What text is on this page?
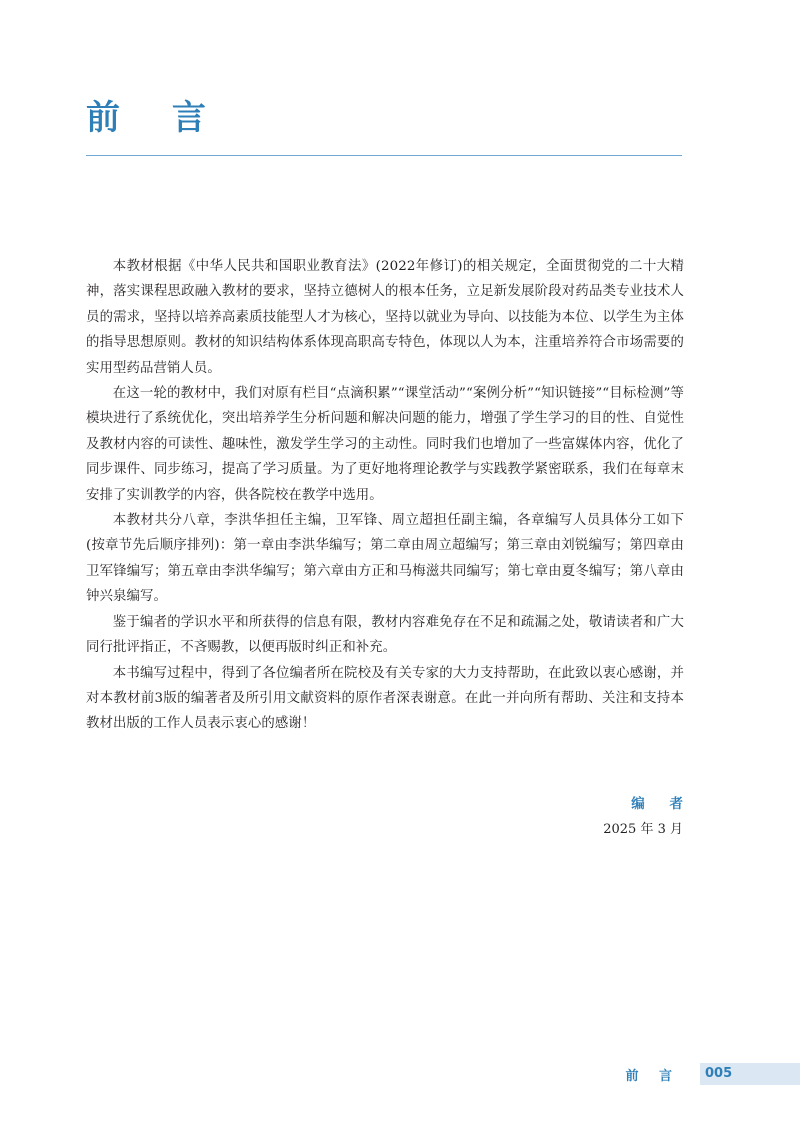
前 言

本教材根据《中华人民共和国职业教育法》(2022年修订)的相关规定，全面贯彻党的二十大精神，落实课程思政融入教材的要求，坚持立德树人的根本任务，立足新发展阶段对药品类专业技术人员的需求，坚持以培养高素质技能型人才为核心，坚持以就业为导向、以技能为本位、以学生为主体的指导思想原则。教材的知识结构体系体现高职高专特色，体现以人为本，注重培养符合市场需要的实用型药品营销人员。

在这一轮的教材中，我们对原有栏目“点滴积累”“课堂活动”“案例分析”“知识链接”“目标检测”等模块进行了系统优化，突出培养学生分析问题和解决问题的能力，增强了学生学习的目的性、自觉性及教材内容的可读性、趣味性，激发学生学习的主动性。同时我们也增加了一些富媒体内容，优化了同步课件、同步练习，提高了学习质量。为了更好地将理论教学与实践教学紧密联系，我们在每章末安排了实训教学的内容，供各院校在教学中选用。

本教材共分八章，李洪华担任主编，卫军锋、周立超担任副主编，各章编写人员具体分工如下(按章节先后顺序排列)：第一章由李洪华编写；第二章由周立超编写；第三章由刘锐编写；第四章由卫军锋编写；第五章由李洪华编写；第六章由方正和马梅滋共同编写；第七章由夏冬编写；第八章由钟兴泉编写。

鉴于编者的学识水平和所获得的信息有限，教材内容难免存在不足和疏漏之处，敬请读者和广大同行批评指正，不吝赐教，以便再版时纠正和补充。

本书编写过程中，得到了各位编者所在院校及有关专家的大力支持帮助，在此致以衷心感谢，并对本教材前3版的编著者及所引用文献资料的原作者深表谢意。在此一并向所有帮助、关注和支持本教材出版的工作人员表示衷心的感谢！

编 者
2025 年 3 月
前 言 005
